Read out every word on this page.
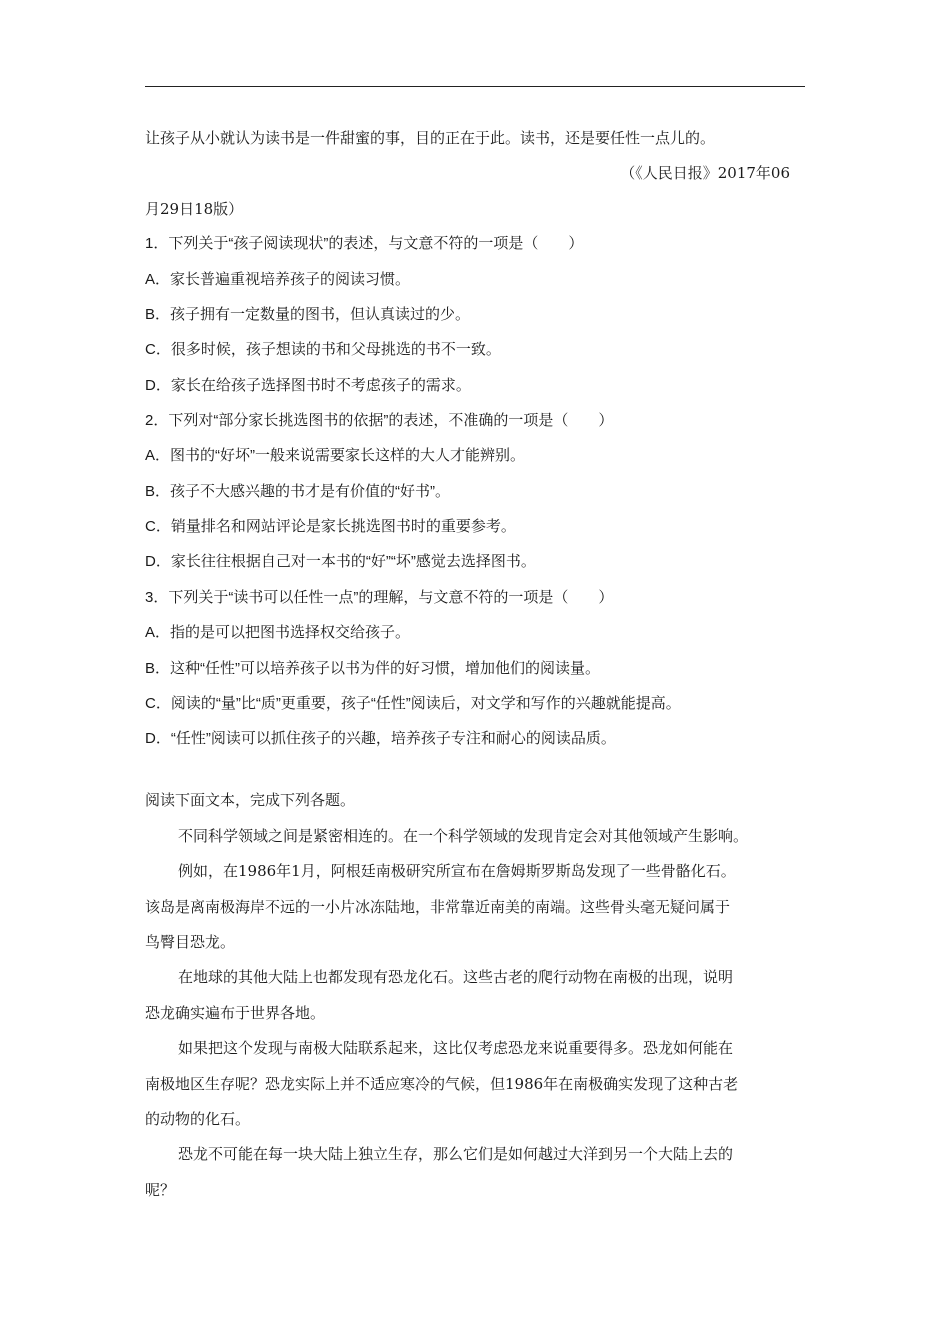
让孩子从小就认为读书是一件甜蜜的事，目的正在于此。读书，还是要任性一点儿的。
（《人民日报》2017年06
月29日18版）
1．下列关于“孩子阅读现状”的表述，与文意不符的一项是（　　）
A．家长普遍重视培养孩子的阅读习惯。
B．孩子拥有一定数量的图书，但认真读过的少。
C．很多时候，孩子想读的书和父母挑选的书不一致。
D．家长在给孩子选择图书时不考虑孩子的需求。
2．下列对“部分家长挑选图书的依据”的表述，不准确的一项是（　　）
A．图书的“好坏”一般来说需要家长这样的大人才能辨别。
B．孩子不大感兴趣的书才是有价值的“好书”。
C．销量排名和网站评论是家长挑选图书时的重要参考。
D．家长往往根据自己对一本书的“好”“坏”感觉去选择图书。
3．下列关于“读书可以任性一点”的理解，与文意不符的一项是（　　）
A．指的是可以把图书选择权交给孩子。
B．这种“任性”可以培养孩子以书为伴的好习惯，增加他们的阅读量。
C．阅读的“量”比“质”更重要，孩子“任性”阅读后，对文学和写作的兴趣就能提高。
D．“任性”阅读可以抓住孩子的兴趣，培养孩子专注和耐心的阅读品质。
阅读下面文本，完成下列各题。
不同科学领域之间是紧密相连的。在一个科学领域的发现肯定会对其他领域产生影响。
例如，在1986年1月，阿根廷南极研究所宣布在詹姆斯罗斯岛发现了一些骨骼化石。
该岛是离南极海岸不远的一小片冰冻陆地，非常靠近南美的南端。这些骨头毫无疑问属于
鸟臀目恐龙。
在地球的其他大陆上也都发现有恐龙化石。这些古老的爬行动物在南极的出现，说明
恐龙确实遍布于世界各地。
如果把这个发现与南极大陆联系起来，这比仅考虑恐龙来说重要得多。恐龙如何能在
南极地区生存呢？恐龙实际上并不适应寒冷的气候，但1986年在南极确实发现了这种古老
的动物的化石。
恐龙不可能在每一块大陆上独立生存，那么它们是如何越过大洋到另一个大陆上去的
呢？
